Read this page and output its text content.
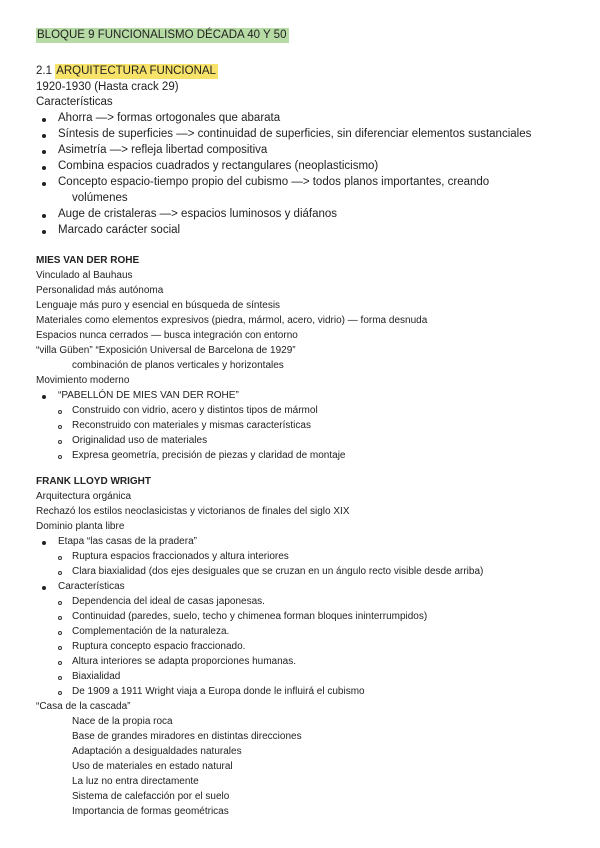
BLOQUE 9 FUNCIONALISMO DÉCADA 40 Y 50
2.1 ARQUITECTURA FUNCIONAL
1920-1930 (Hasta crack 29)
Características
Ahorra —> formas ortogonales que abarata
Síntesis de superficies —> continuidad de superficies, sin diferenciar elementos sustanciales
Asimetría —> refleja libertad compositiva
Combina espacios cuadrados y rectangulares (neoplasticismo)
Concepto espacio-tiempo propio del cubismo —> todos planos importantes, creando
volúmenes
Auge de cristaleras —> espacios luminosos y diáfanos
Marcado carácter social
MIES VAN DER ROHE
Vinculado al Bauhaus
Personalidad más autónoma
Lenguaje más puro y esencial en búsqueda de síntesis
Materiales como elementos expresivos (piedra, mármol, acero, vidrio) — forma desnuda
Espacios nunca cerrados — busca integración con entorno
“villa Güben” “Exposición Universal de Barcelona de 1929”
combinación de planos verticales y horizontales
Movimiento moderno
“PABELLÓN DE MIES VAN DER ROHE”
Construido con vidrio, acero y distintos tipos de mármol
Reconstruido con materiales y mismas características
Originalidad uso de materiales
Expresa geometría, precisión de piezas y claridad de montaje
FRANK LLOYD WRIGHT
Arquitectura orgánica
Rechazó los estilos neoclasicistas y victorianos de finales del siglo XIX
Dominio planta libre
Etapa “las casas de la pradera”
Ruptura espacios fraccionados y altura interiores
Clara biaxialidad (dos ejes desiguales que se cruzan en un ángulo recto visible desde arriba)
Características
Dependencia del ideal de casas japonesas.
Continuidad (paredes, suelo, techo y chimenea forman bloques ininterrumpidos)
Complementación de la naturaleza.
Ruptura concepto espacio fraccionado.
Altura interiores se adapta proporciones humanas.
Biaxialidad
De 1909 a 1911 Wright viaja a Europa donde le influirá el cubismo
“Casa de la cascada”
Nace de la propia roca
Base de grandes miradores en distintas direcciones
Adaptación a desigualdades naturales
Uso de materiales en estado natural
La luz no entra directamente
Sistema de calefacción por el suelo
Importancia de formas geométricas
